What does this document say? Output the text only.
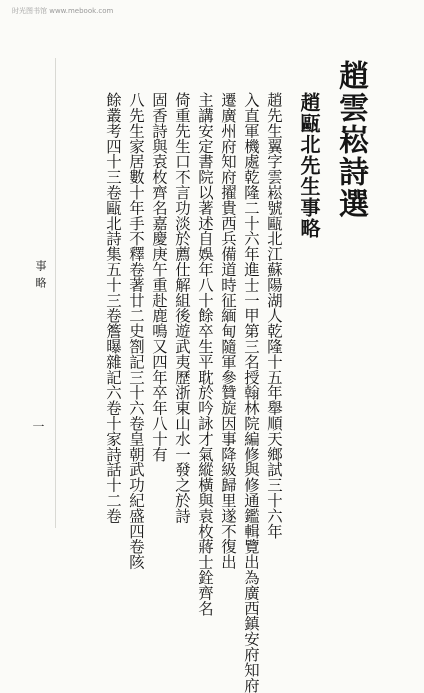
时光图书馆 www.mebook.com
趙雲崧詩選
趙甌北先生事略
趙先生翼字雲崧號甌北江蘇陽湖人乾隆十五年舉順天鄉試三十六年
入直軍機處乾隆二十六年進士一甲第三名授翰林院編修與修通鑑輯覽出為廣西鎮安府知府
遷廣州府知府擢貴西兵備道時征緬甸隨軍參贊旋因事降級歸里遂不復出
主講安定書院以著述自娛年八十餘卒生平耽於吟詠才氣縱橫與袁枚蔣士銓齊名
倚重先生口不言功淡於薦仕解組後遊武夷歷浙東山水一發之於詩
固香詩與袁枚齊名嘉慶庚午重赴鹿鳴又四年卒年八十有
八先生家居數十年手不釋卷著廿二史劄記三十六卷皇朝武功紀盛四卷陔
餘叢考四十三卷甌北詩集五十三卷簷曝雜記六卷十家詩話十二卷
事略
一
